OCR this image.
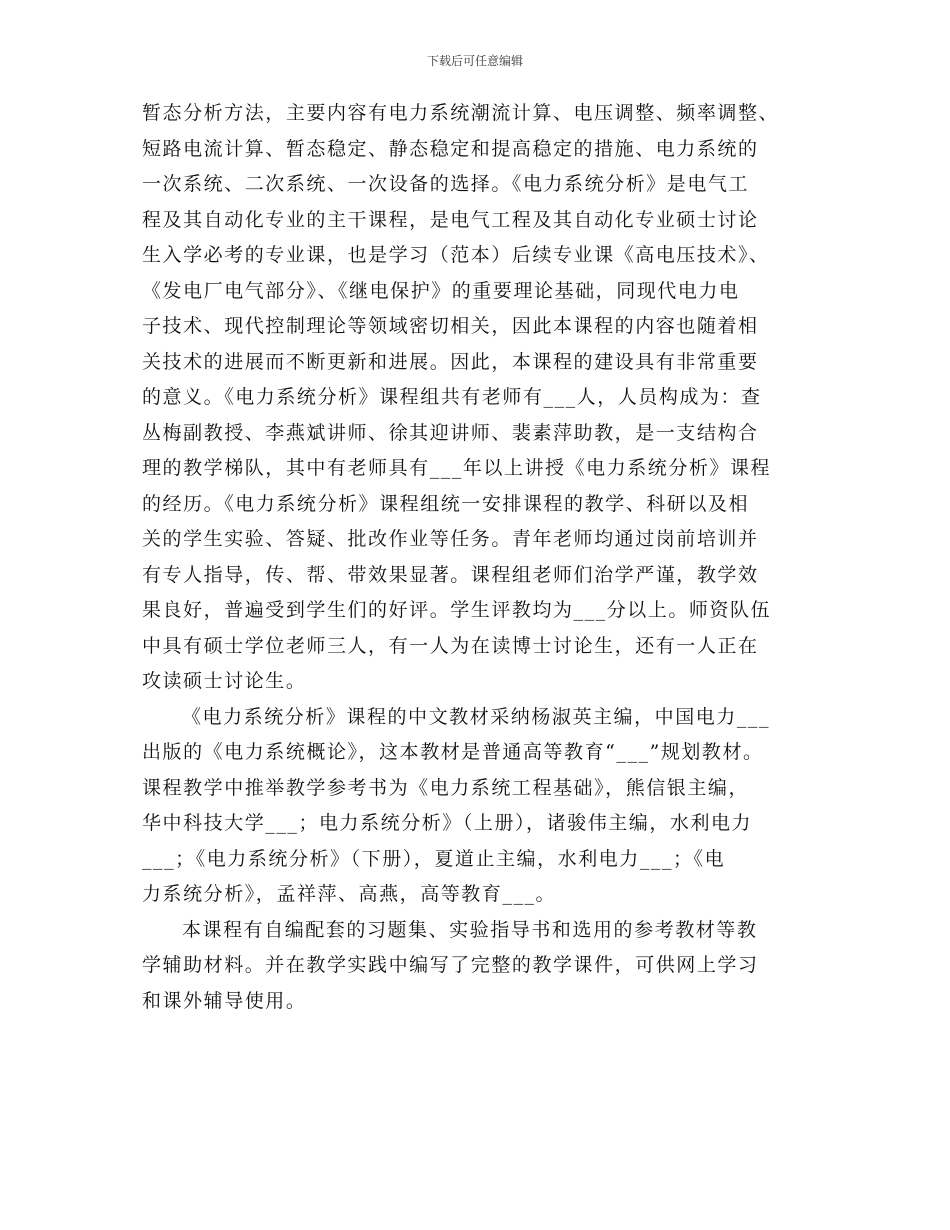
下载后可任意编辑
暂态分析方法，主要内容有电力系统潮流计算、电压调整、频率调整、
短路电流计算、暂态稳定、静态稳定和提高稳定的措施、电力系统的
一次系统、二次系统、一次设备的选择。《电力系统分析》是电气工
程及其自动化专业的主干课程，是电气工程及其自动化专业硕士讨论
生入学必考的专业课，也是学习（范本）后续专业课《高电压技术》、
《发电厂电气部分》、《继电保护》的重要理论基础，同现代电力电
子技术、现代控制理论等领域密切相关，因此本课程的内容也随着相
关技术的进展而不断更新和进展。因此，本课程的建设具有非常重要
的意义。《电力系统分析》课程组共有老师有___人，人员构成为：查
丛梅副教授、李燕斌讲师、徐其迎讲师、裴素萍助教，是一支结构合
理的教学梯队，其中有老师具有___年以上讲授《电力系统分析》课程
的经历。《电力系统分析》课程组统一安排课程的教学、科研以及相
关的学生实验、答疑、批改作业等任务。青年老师均通过岗前培训并
有专人指导，传、帮、带效果显著。课程组老师们治学严谨，教学效
果良好，普遍受到学生们的好评。学生评教均为___分以上。师资队伍
中具有硕士学位老师三人，有一人为在读博士讨论生，还有一人正在
攻读硕士讨论生。
《电力系统分析》课程的中文教材采纳杨淑英主编，中国电力___
出版的《电力系统概论》，这本教材是普通高等教育“___”规划教材。
课程教学中推举教学参考书为《电力系统工程基础》，熊信银主编，
华中科技大学___；电力系统分析》（上册），诸骏伟主编，水利电力
___；《电力系统分析》（下册），夏道止主编，水利电力___；《电
力系统分析》，孟祥萍、高燕，高等教育___。
本课程有自编配套的习题集、实验指导书和选用的参考教材等教
学辅助材料。并在教学实践中编写了完整的教学课件，可供网上学习
和课外辅导使用。
